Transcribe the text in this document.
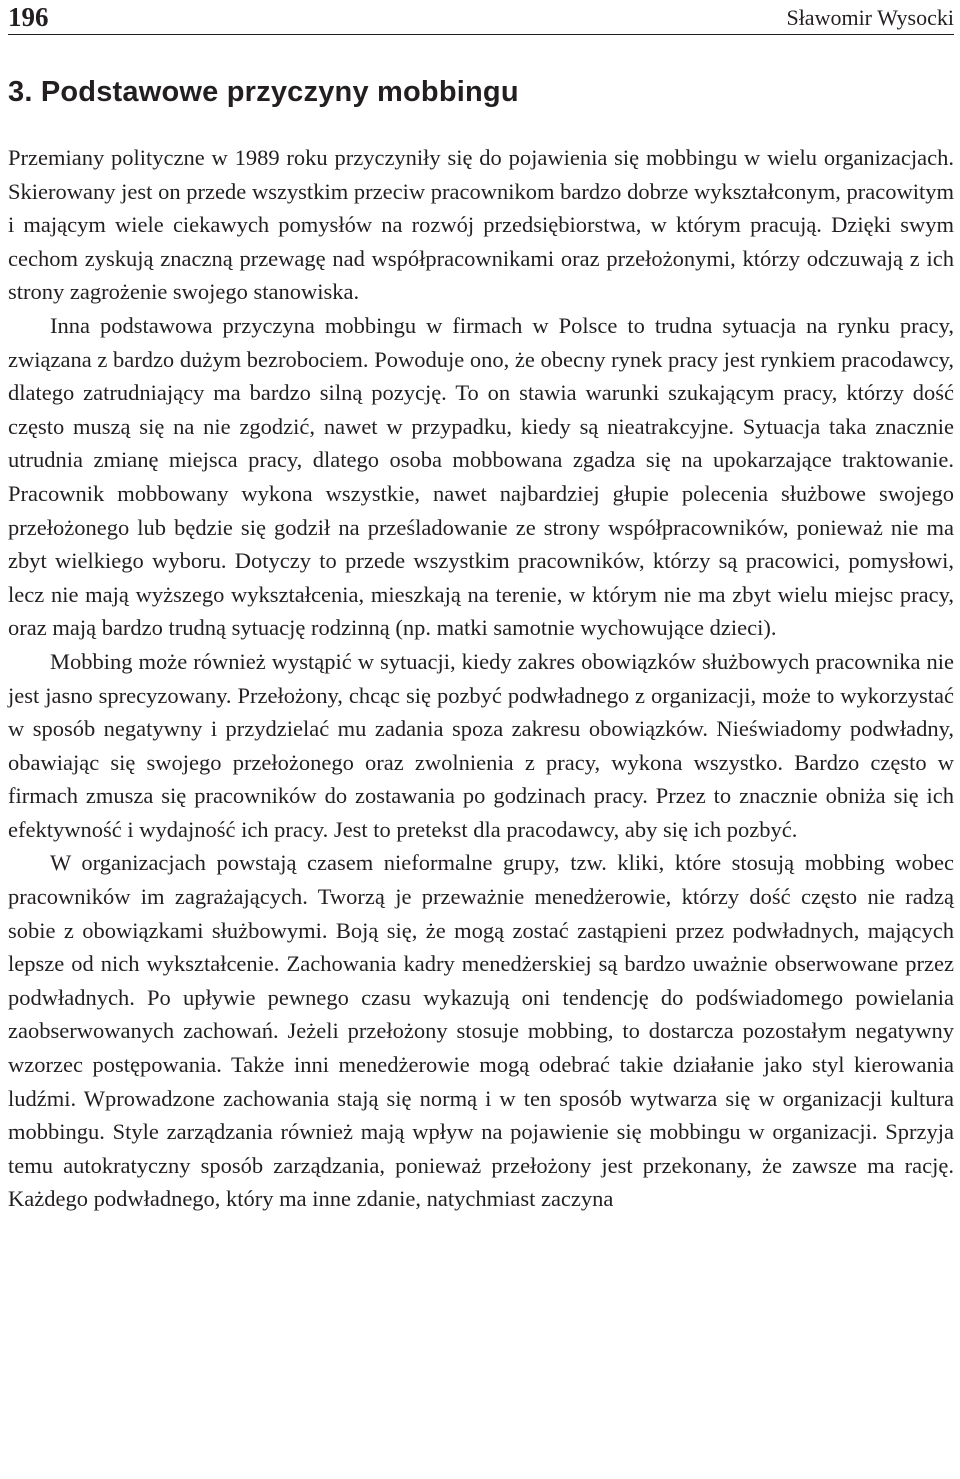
196	Sławomir Wysocki
3. Podstawowe przyczyny mobbingu

Przemiany polityczne w 1989 roku przyczyniły się do pojawienia się mobbingu w wielu organizacjach. Skierowany jest on przede wszystkim przeciw pracownikom bardzo dobrze wykształconym, pracowitym i mającym wiele ciekawych pomysłów na rozwój przedsiębiorstwa, w którym pracują. Dzięki swym cechom zyskują znaczną przewagę nad współpracownikami oraz przełożonymi, którzy odczuwają z ich strony zagrożenie swojego stanowiska.

Inna podstawowa przyczyna mobbingu w firmach w Polsce to trudna sytuacja na rynku pracy, związana z bardzo dużym bezrobociem. Powoduje ono, że obecny rynek pracy jest rynkiem pracodawcy, dlatego zatrudniający ma bardzo silną pozycję. To on stawia warunki szukającym pracy, którzy dość często muszą się na nie zgodzić, nawet w przypadku, kiedy są nieatrakcyjne. Sytuacja taka znacznie utrudnia zmianę miejsca pracy, dlatego osoba mobbowana zgadza się na upokarzające traktowanie. Pracownik mobbowany wykona wszystkie, nawet najbardziej głupie polecenia służbowe swojego przełożonego lub będzie się godził na prześladowanie ze strony współpracowników, ponieważ nie ma zbyt wielkiego wyboru. Dotyczy to przede wszystkim pracowników, którzy są pracowici, pomysłowi, lecz nie mają wyższego wykształcenia, mieszkają na terenie, w którym nie ma zbyt wielu miejsc pracy, oraz mają bardzo trudną sytuację rodzinną (np. matki samotnie wychowujące dzieci).

Mobbing może również wystąpić w sytuacji, kiedy zakres obowiązków służbowych pracownika nie jest jasno sprecyzowany. Przełożony, chcąc się pozbyć podwładnego z organizacji, może to wykorzystać w sposób negatywny i przydzielać mu zadania spoza zakresu obowiązków. Nieświadomy podwładny, obawiając się swojego przełożonego oraz zwolnienia z pracy, wykona wszystko. Bardzo często w firmach zmusza się pracowników do zostawania po godzinach pracy. Przez to znacznie obniża się ich efektywność i wydajność ich pracy. Jest to pretekst dla pracodawcy, aby się ich pozbyć.

W organizacjach powstają czasem nieformalne grupy, tzw. kliki, które stosują mobbing wobec pracowników im zagrażających. Tworzą je przeważnie menedżerowie, którzy dość często nie radzą sobie z obowiązkami służbowymi. Boją się, że mogą zostać zastąpieni przez podwładnych, mających lepsze od nich wykształcenie. Zachowania kadry menedżerskiej są bardzo uważnie obserwowane przez podwładnych. Po upływie pewnego czasu wykazują oni tendencję do podświadomego powielania zaobserwowanych zachowań. Jeżeli przełożony stosuje mobbing, to dostarcza pozostałym negatywny wzorzec postępowania. Także inni menedżerowie mogą odebrać takie działanie jako styl kierowania ludźmi. Wprowadzone zachowania stają się normą i w ten sposób wytwarza się w organizacji kultura mobbingu. Style zarządzania również mają wpływ na pojawienie się mobbingu w organizacji. Sprzyja temu autokratyczny sposób zarządzania, ponieważ przełożony jest przekonany, że zawsze ma rację. Każdego podwładnego, który ma inne zdanie, natychmiast zaczyna
